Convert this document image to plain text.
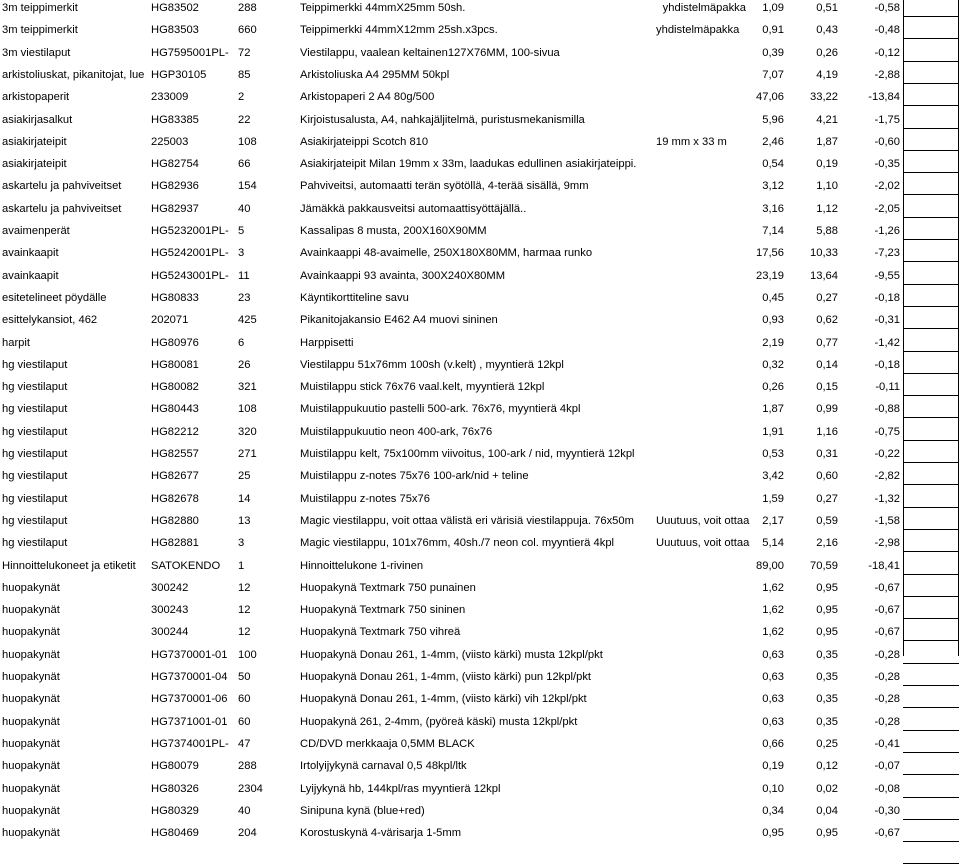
3m teippimerkit	HG83502	288	Teippimerkki 44mmX25mm 50sh.	yhdistelmäpakka	1,09	0,51	-0,58
3m teippimerkit	HG83503	660	Teippimerkki 44mmX12mm 25sh.x3pcs.	yhdistelmäpakka	0,91	0,43	-0,48
3m viestilaput	HG7595001PL- 72	Viestilappu, vaalean keltainen127X76MM, 100-sivua	0,39	0,26	-0,12
arkistoliuskat, pikanitojat, lue HGP30105	85	Arkistoliuska A4 295MM 50kpl	7,07	4,19	-2,88
arkistopaperit	233009	2	Arkistopaperi 2 A4 80g/500	47,06	33,22	-13,84
asiakirjasalkut	HG83385	22	Kirjoistusalusta, A4, nahkajäljitelmä, puristusmekanismilla	5,96	4,21	-1,75
asiakirjateipit	225003	108	Asiakirjateippi Scotch 810	19 mm x 33 m	2,46	1,87	-0,60
asiakirjateipit	HG82754	66	Asiakirjateipit Milan 19mm x 33m, laadukas edullinen asiakirjateippi.	0,54	0,19	-0,35
askartelu ja pahviveitset	HG82936	154	Pahviveitsi, automaatti terän syötöllä, 4-terää sisällä, 9mm	3,12	1,10	-2,02
askartelu ja pahviveitset	HG82937	40	Jämäkkä pakkausveitsi automaattisyöttäjällä..	3,16	1,12	-2,05
avaimenperät	HG5232001PL- 5	Kassalipas 8 musta, 200X160X90MM	7,14	5,88	-1,26
avainkaapit	HG5242001PL- 3	Avainkaappi 48-avaimelle, 250X180X80MM, harmaa runko	17,56	10,33	-7,23
avainkaapit	HG5243001PL- 11	Avainkaappi 93 avainta, 300X240X80MM	23,19	13,64	-9,55
esitetelineet pöydälle	HG80833	23	Käyntikorttiteline savu	0,45	0,27	-0,18
esittelykansiot, 462	202071	425	Pikanitojakansio E462 A4 muovi sininen	0,93	0,62	-0,31
harpit	HG80976	6	Harppisetti	2,19	0,77	-1,42
hg viestilaput	HG80081	26	Viestilappu 51x76mm 100sh (v.kelt) , myyntierä 12kpl	0,32	0,14	-0,18
hg viestilaput	HG80082	321	Muistilappu stick 76x76 vaal.kelt, myyntierä 12kpl	0,26	0,15	-0,11
hg viestilaput	HG80443	108	Muistilappukuutio pastelli 500-ark. 76x76, myyntierä 4kpl	1,87	0,99	-0,88
hg viestilaput	HG82212	320	Muistilappukuutio neon 400-ark, 76x76	1,91	1,16	-0,75
hg viestilaput	HG82557	271	Muistilappu kelt, 75x100mm viivoitus, 100-ark / nid, myyntierä 12kpl	0,53	0,31	-0,22
hg viestilaput	HG82677	25	Muistilappu z-notes 75x76 100-ark/nid + teline	3,42	0,60	-2,82
hg viestilaput	HG82678	14	Muistilappu z-notes 75x76	1,59	0,27	-1,32
hg viestilaput	HG82880	13	Magic viestilappu, voit ottaa välistä eri värisiä viestilappuja. 76x50m	Uuutuus, voit ottaa	2,17	0,59	-1,58
hg viestilaput	HG82881	3	Magic viestilappu, 101x76mm, 40sh./7 neon col. myyntierä 4kpl	Uuutuus, voit ottaa	5,14	2,16	-2,98
Hinnoittelukoneet ja etiketit	SATOKENDO	1	Hinnoittelukone 1-rivinen	89,00	70,59	-18,41
huopakynät	300242	12	Huopakynä Textmark 750 punainen	1,62	0,95	-0,67
huopakynät	300243	12	Huopakynä Textmark 750 sininen	1,62	0,95	-0,67
huopakynät	300244	12	Huopakynä Textmark 750 vihreä	1,62	0,95	-0,67
huopakynät	HG7370001-01 100	Huopakynä Donau 261, 1-4mm, (viisto kärki) musta 12kpl/pkt	0,63	0,35	-0,28
huopakynät	HG7370001-04 50	Huopakynä Donau 261, 1-4mm, (viisto kärki) pun 12kpl/pkt	0,63	0,35	-0,28
huopakynät	HG7370001-06 60	Huopakynä Donau 261, 1-4mm, (viisto kärki) vih 12kpl/pkt	0,63	0,35	-0,28
huopakynät	HG7371001-01 60	Huopakynä 261, 2-4mm, (pyöreä käski) musta 12kpl/pkt	0,63	0,35	-0,28
huopakynät	HG7374001PL- 47	CD/DVD merkkaaja 0,5MM BLACK	0,66	0,25	-0,41
huopakynät	HG80079	288	Irtolyijykynä carnaval 0,5 48kpl/ltk	0,19	0,12	-0,07
huopakynät	HG80326	2304	Lyijykynä hb, 144kpl/ras myyntierä 12kpl	0,10	0,02	-0,08
huopakynät	HG80329	40	Sinipuna kynä (blue+red)	0,34	0,04	-0,30
huopakynät	HG80469	204	Korostuskynä 4-värisarja 1-5mm	0,95	0,95	-0,67
